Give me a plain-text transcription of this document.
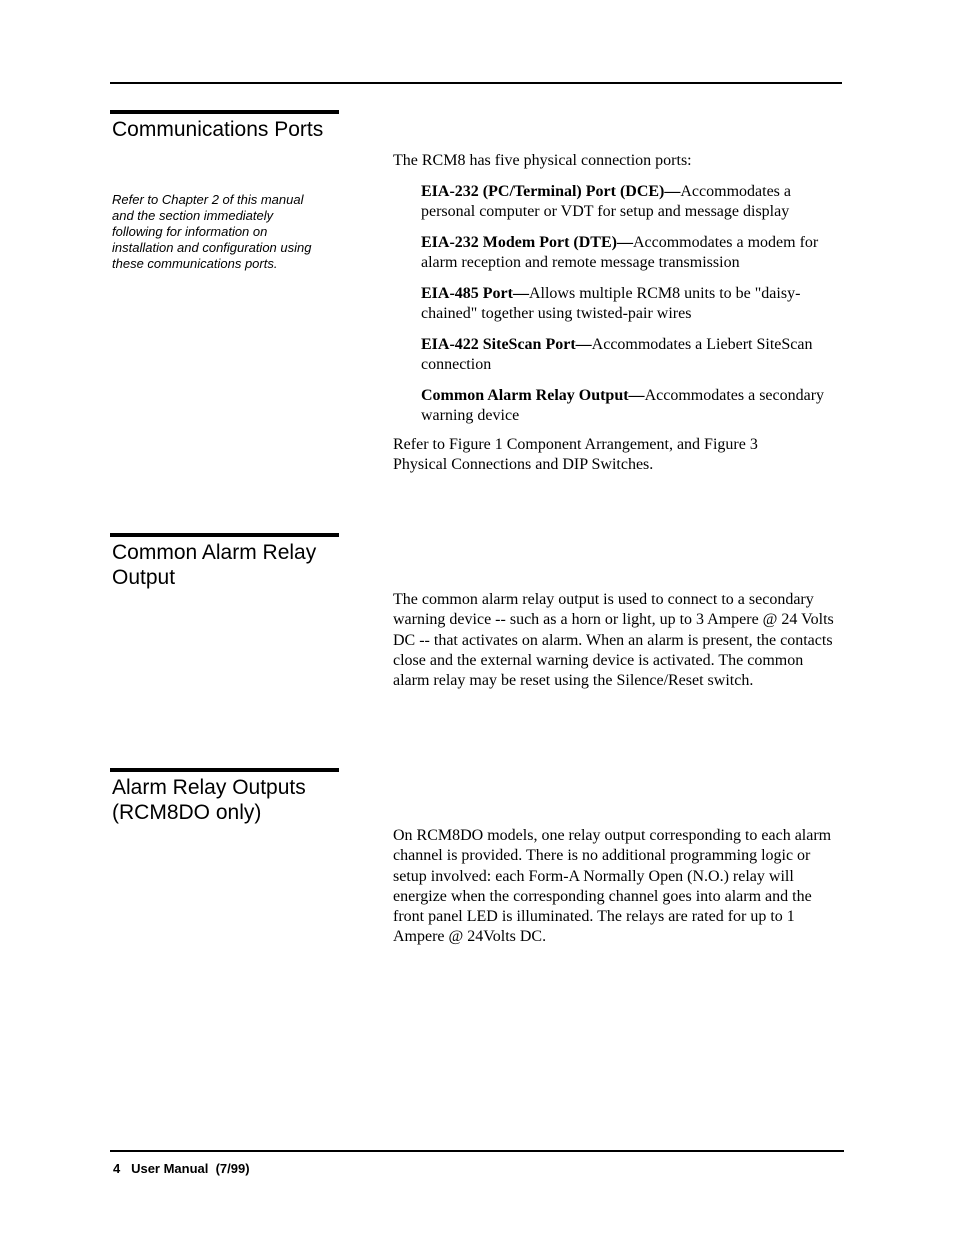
Communications Ports
Refer to Chapter 2 of this manual and the section immediately following for information on installation and configuration using these communications ports.
The RCM8 has five physical connection ports:
EIA-232 (PC/Terminal) Port (DCE)—Accommodates a personal computer or VDT for setup and message display
EIA-232 Modem Port (DTE)—Accommodates a modem for alarm reception and remote message transmission
EIA-485 Port—Allows multiple RCM8 units to be "daisy-chained" together using twisted-pair wires
EIA-422 SiteScan Port—Accommodates a Liebert SiteScan connection
Common Alarm Relay Output—Accommodates a secondary warning device
Refer to Figure 1 Component Arrangement, and Figure 3 Physical Connections and DIP Switches.
Common Alarm Relay Output
The common alarm relay output is used to connect to a secondary warning device -- such as a horn or light, up to 3 Ampere @ 24 Volts DC -- that activates on alarm. When an alarm is present, the contacts close and the external warning device is activated. The common alarm relay may be reset using the Silence/Reset switch.
Alarm Relay Outputs (RCM8DO only)
On RCM8DO models, one relay output corresponding to each alarm channel is provided. There is no additional programming logic or setup involved: each Form-A Normally Open (N.O.) relay will energize when the corresponding channel goes into alarm and the front panel LED is illuminated. The relays are rated for up to 1 Ampere @ 24Volts DC.
4 User Manual  (7/99)
